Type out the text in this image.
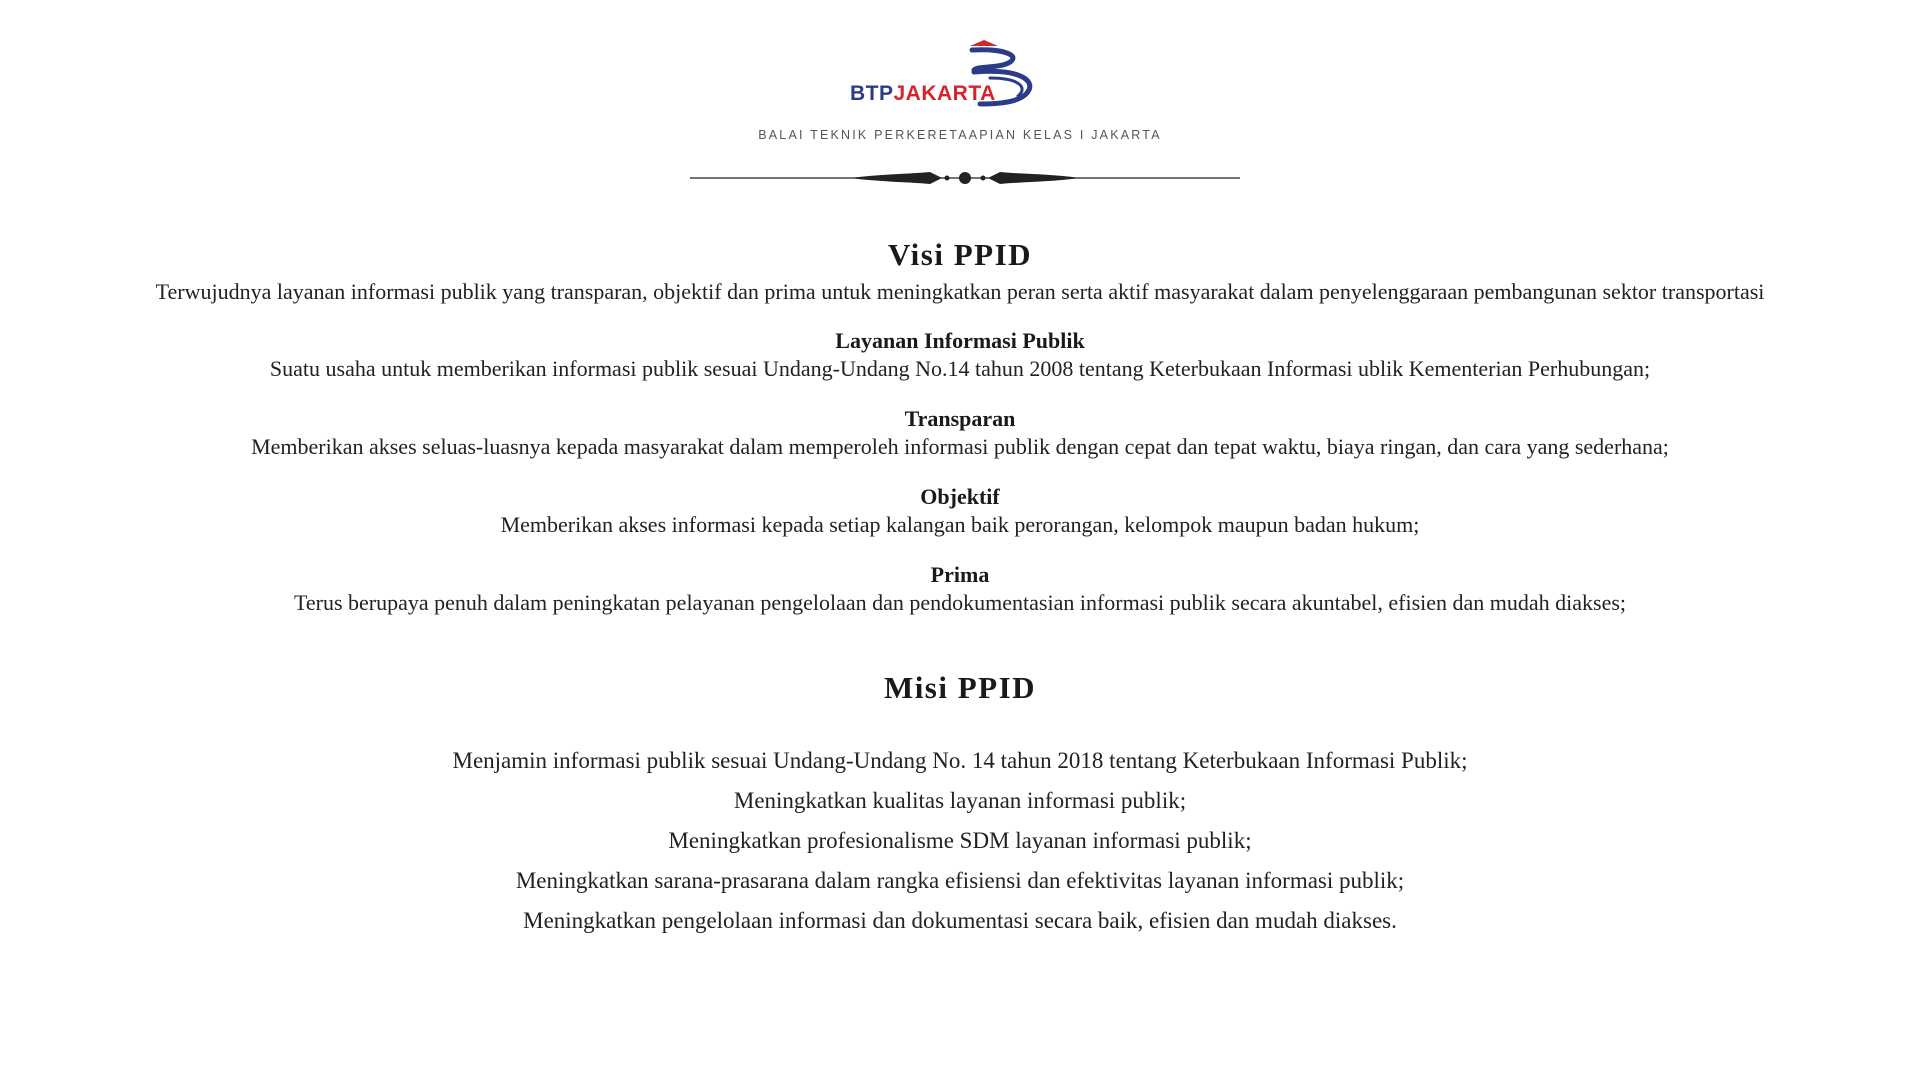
BTPJAKARTA
BALAI TEKNIK PERKERETAAPIAN KELAS I JAKARTA
Visi PPID
Terwujudnya layanan informasi publik yang transparan, objektif dan prima untuk meningkatkan peran serta aktif masyarakat dalam penyelenggaraan pembangunan sektor transportasi
Layanan Informasi Publik
Suatu usaha untuk memberikan informasi publik sesuai Undang-Undang No.14 tahun 2008 tentang Keterbukaan Informasi ublik Kementerian Perhubungan;
Transparan
Memberikan akses seluas-luasnya kepada masyarakat dalam memperoleh informasi publik dengan cepat dan tepat waktu, biaya ringan, dan cara yang sederhana;
Objektif
Memberikan akses informasi kepada setiap kalangan baik perorangan, kelompok maupun badan hukum;
Prima
Terus berupaya penuh dalam peningkatan pelayanan pengelolaan dan pendokumentasian informasi publik secara akuntabel, efisien dan mudah diakses;
Misi PPID
Menjamin informasi publik sesuai Undang-Undang No. 14 tahun 2018 tentang Keterbukaan Informasi Publik;
Meningkatkan kualitas layanan informasi publik;
Meningkatkan profesionalisme SDM layanan informasi publik;
Meningkatkan sarana-prasarana dalam rangka efisiensi dan efektivitas layanan informasi publik;
Meningkatkan pengelolaan informasi dan dokumentasi secara baik, efisien dan mudah diakses.
